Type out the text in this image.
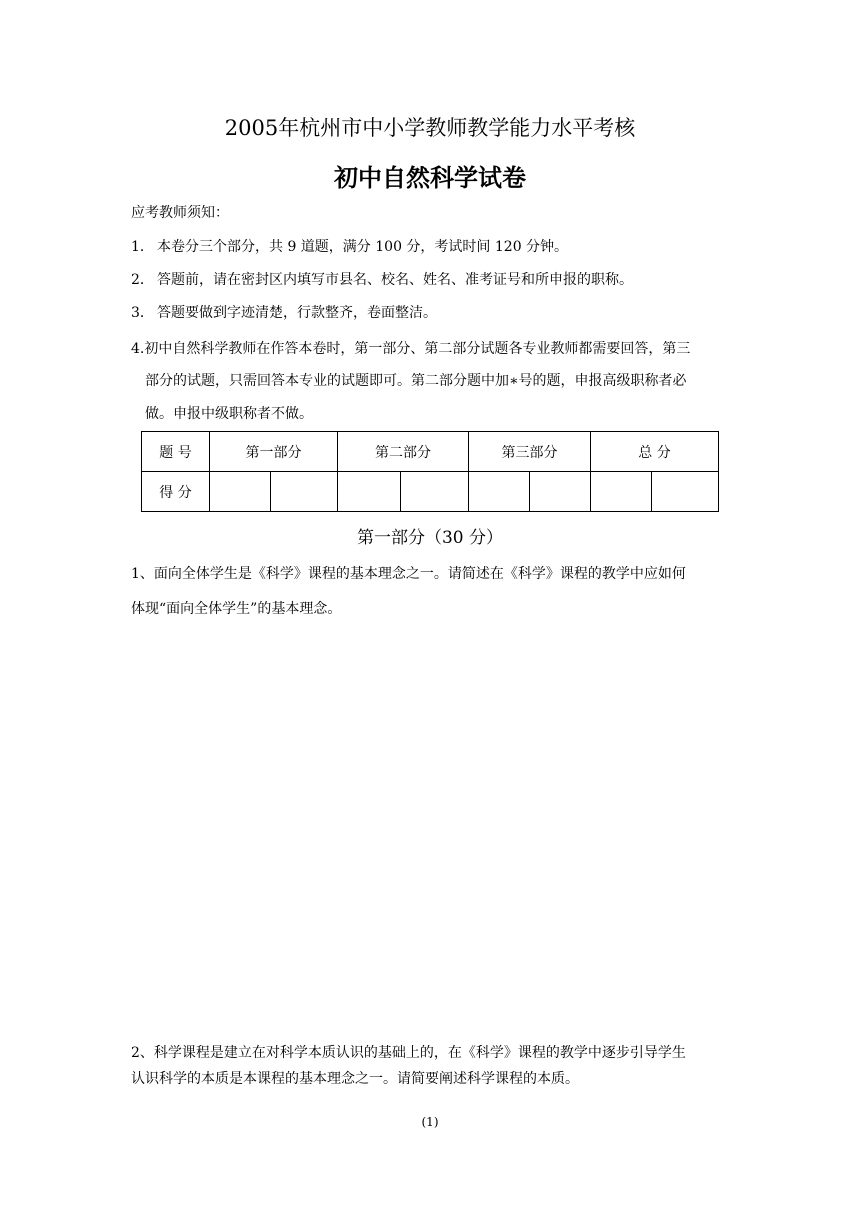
2005年杭州市中小学教师教学能力水平考核
初中自然科学试卷
应考教师须知：
1． 本卷分三个部分，共 9 道题，满分 100 分，考试时间 120 分钟。
2． 答题前，请在密封区内填写市县名、校名、姓名、准考证号和所申报的职称。
3． 答题要做到字迹清楚，行款整齐，卷面整洁。
4.初中自然科学教师在作答本卷时，第一部分、第二部分试题各专业教师都需要回答，第三
部分的试题，只需回答本专业的试题即可。第二部分题中加∗号的题，申报高级职称者必
做。申报中级职称者不做。
题 号	第一部分		第二部分		第三部分		总 分	
得 分								
第一部分（30 分）
1、面向全体学生是《科学》课程的基本理念之一。请简述在《科学》课程的教学中应如何
体现“面向全体学生”的基本理念。
2、科学课程是建立在对科学本质认识的基础上的，在《科学》课程的教学中逐步引导学生
认识科学的本质是本课程的基本理念之一。请简要阐述科学课程的本质。
(1)
